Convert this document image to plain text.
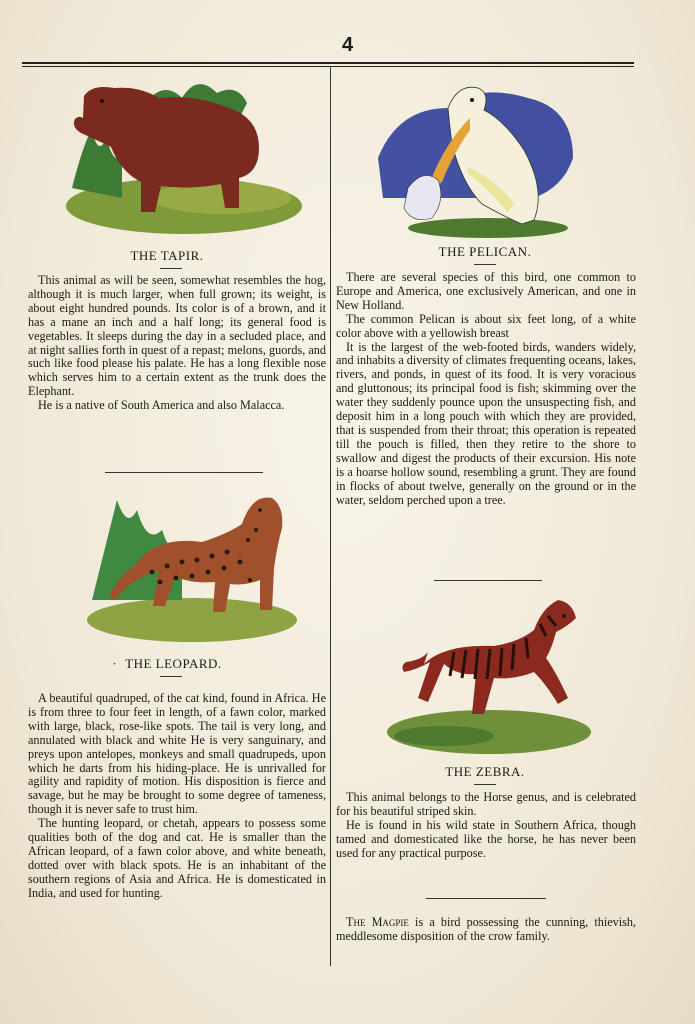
4
THE TAPIR.

This animal as will be seen, somewhat resembles the hog, although it is much larger, when full grown; its weight, is about eight hundred pounds. Its color is of a brown, and it has a mane an inch and a half long; its general food is vegetables. It sleeps during the day in a secluded place, and at night sallies forth in quest of a repast; melons, guords, and such like food please his palate. He has a long flexible nose which serves him to a certain extent as the trunk does the Elephant.

He is a native of South America and also Malacca.

THE PELICAN.

There are several species of this bird, one common to Europe and America, one exclusively American, and one in New Holland.

The common Pelican is about six feet long, of a white color above with a yellowish breast

It is the largest of the web-footed birds, wanders widely, and inhabits a diversity of climates frequenting oceans, lakes, rivers, and ponds, in quest of its food. It is very voracious and gluttonous; its principal food is fish; skimming over the water they suddenly pounce upon the unsuspecting fish, and deposit him in a long pouch with which they are provided, that is suspended from their throat; this operation is repeated till the pouch is filled, then they retire to the shore to swallow and digest the products of their excursion. His note is a hoarse hollow sound, resembling a grunt. They are found in flocks of about twelve, generally on the ground or in the water, seldom perched upon a tree.

· THE LEOPARD.

A beautiful quadruped, of the cat kind, found in Africa. He is from three to four feet in length, of a fawn color, marked with large, black, rose-like spots. The tail is very long, and annulated with black and white He is very sanguinary, and preys upon antelopes, monkeys and small quadrupeds, upon which he darts from his hiding-place. He is unrivalled for agility and rapidity of motion. His disposition is fierce and savage, but he may be brought to some degree of tameness, though it is never safe to trust him.

The hunting leopard, or chetah, appears to possess some qualities both of the dog and cat. He is smaller than the African leopard, of a fawn color above, and white beneath, dotted over with black spots. He is an inhabitant of the southern regions of Asia and Africa. He is domesticated in India, and used for hunting.

THE ZEBRA.

This animal belongs to the Horse genus, and is celebrated for his beautiful striped skin.

He is found in his wild state in Southern Africa, though tamed and domesticated like the horse, he has never been used for any practical purpose.

The Magpie is a bird possessing the cunning, thievish, meddlesome disposition of the crow family.
